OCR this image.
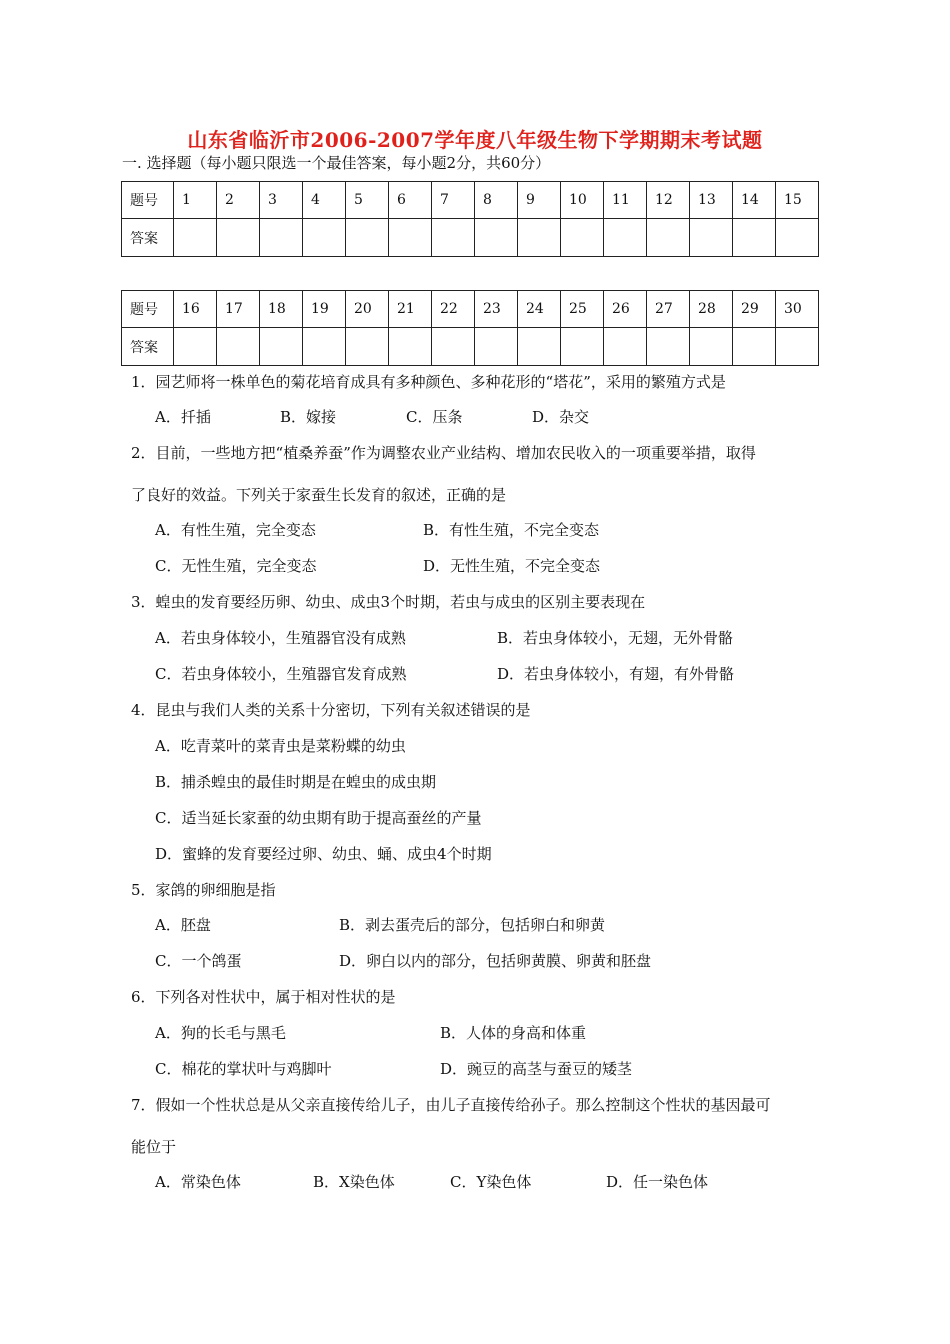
山东省临沂市2006-2007学年度八年级生物下学期期末考试题
一. 选择题（每小题只限选一个最佳答案，每小题2分，共60分）
题号	1	2	3	4	5	6	7	8	9	10	11	12	13	14	15
答案															
题号	16	17	18	19	20	21	22	23	24	25	26	27	28	29	30
答案															
1．园艺师将一株单色的菊花培育成具有多种颜色、多种花形的“塔花”，采用的繁殖方式是
A．扦插	B．嫁接	C．压条	D．杂交
2．目前，一些地方把“植桑养蚕”作为调整农业产业结构、增加农民收入的一项重要举措，取得
了良好的效益。下列关于家蚕生长发育的叙述，正确的是
A．有性生殖，完全变态	B．有性生殖，不完全变态
C．无性生殖，完全变态	D．无性生殖，不完全变态
3．蝗虫的发育要经历卵、幼虫、成虫3个时期，若虫与成虫的区别主要表现在
A．若虫身体较小，生殖器官没有成熟	B．若虫身体较小，无翅，无外骨骼
C．若虫身体较小，生殖器官发育成熟	D．若虫身体较小，有翅，有外骨骼
4．昆虫与我们人类的关系十分密切，下列有关叙述错误的是
A．吃青菜叶的菜青虫是菜粉蝶的幼虫
B．捕杀蝗虫的最佳时期是在蝗虫的成虫期
C．适当延长家蚕的幼虫期有助于提高蚕丝的产量
D．蜜蜂的发育要经过卵、幼虫、蛹、成虫4个时期
5．家鸽的卵细胞是指
A．胚盘	B．剥去蛋壳后的部分，包括卵白和卵黄
C．一个鸽蛋	D．卵白以内的部分，包括卵黄膜、卵黄和胚盘
6．下列各对性状中，属于相对性状的是
A．狗的长毛与黑毛	B．人体的身高和体重
C．棉花的掌状叶与鸡脚叶	D．豌豆的高茎与蚕豆的矮茎
7．假如一个性状总是从父亲直接传给儿子，由儿子直接传给孙子。那么控制这个性状的基因最可
能位于
A．常染色体	B．X染色体	C．Y染色体	D．任一染色体
